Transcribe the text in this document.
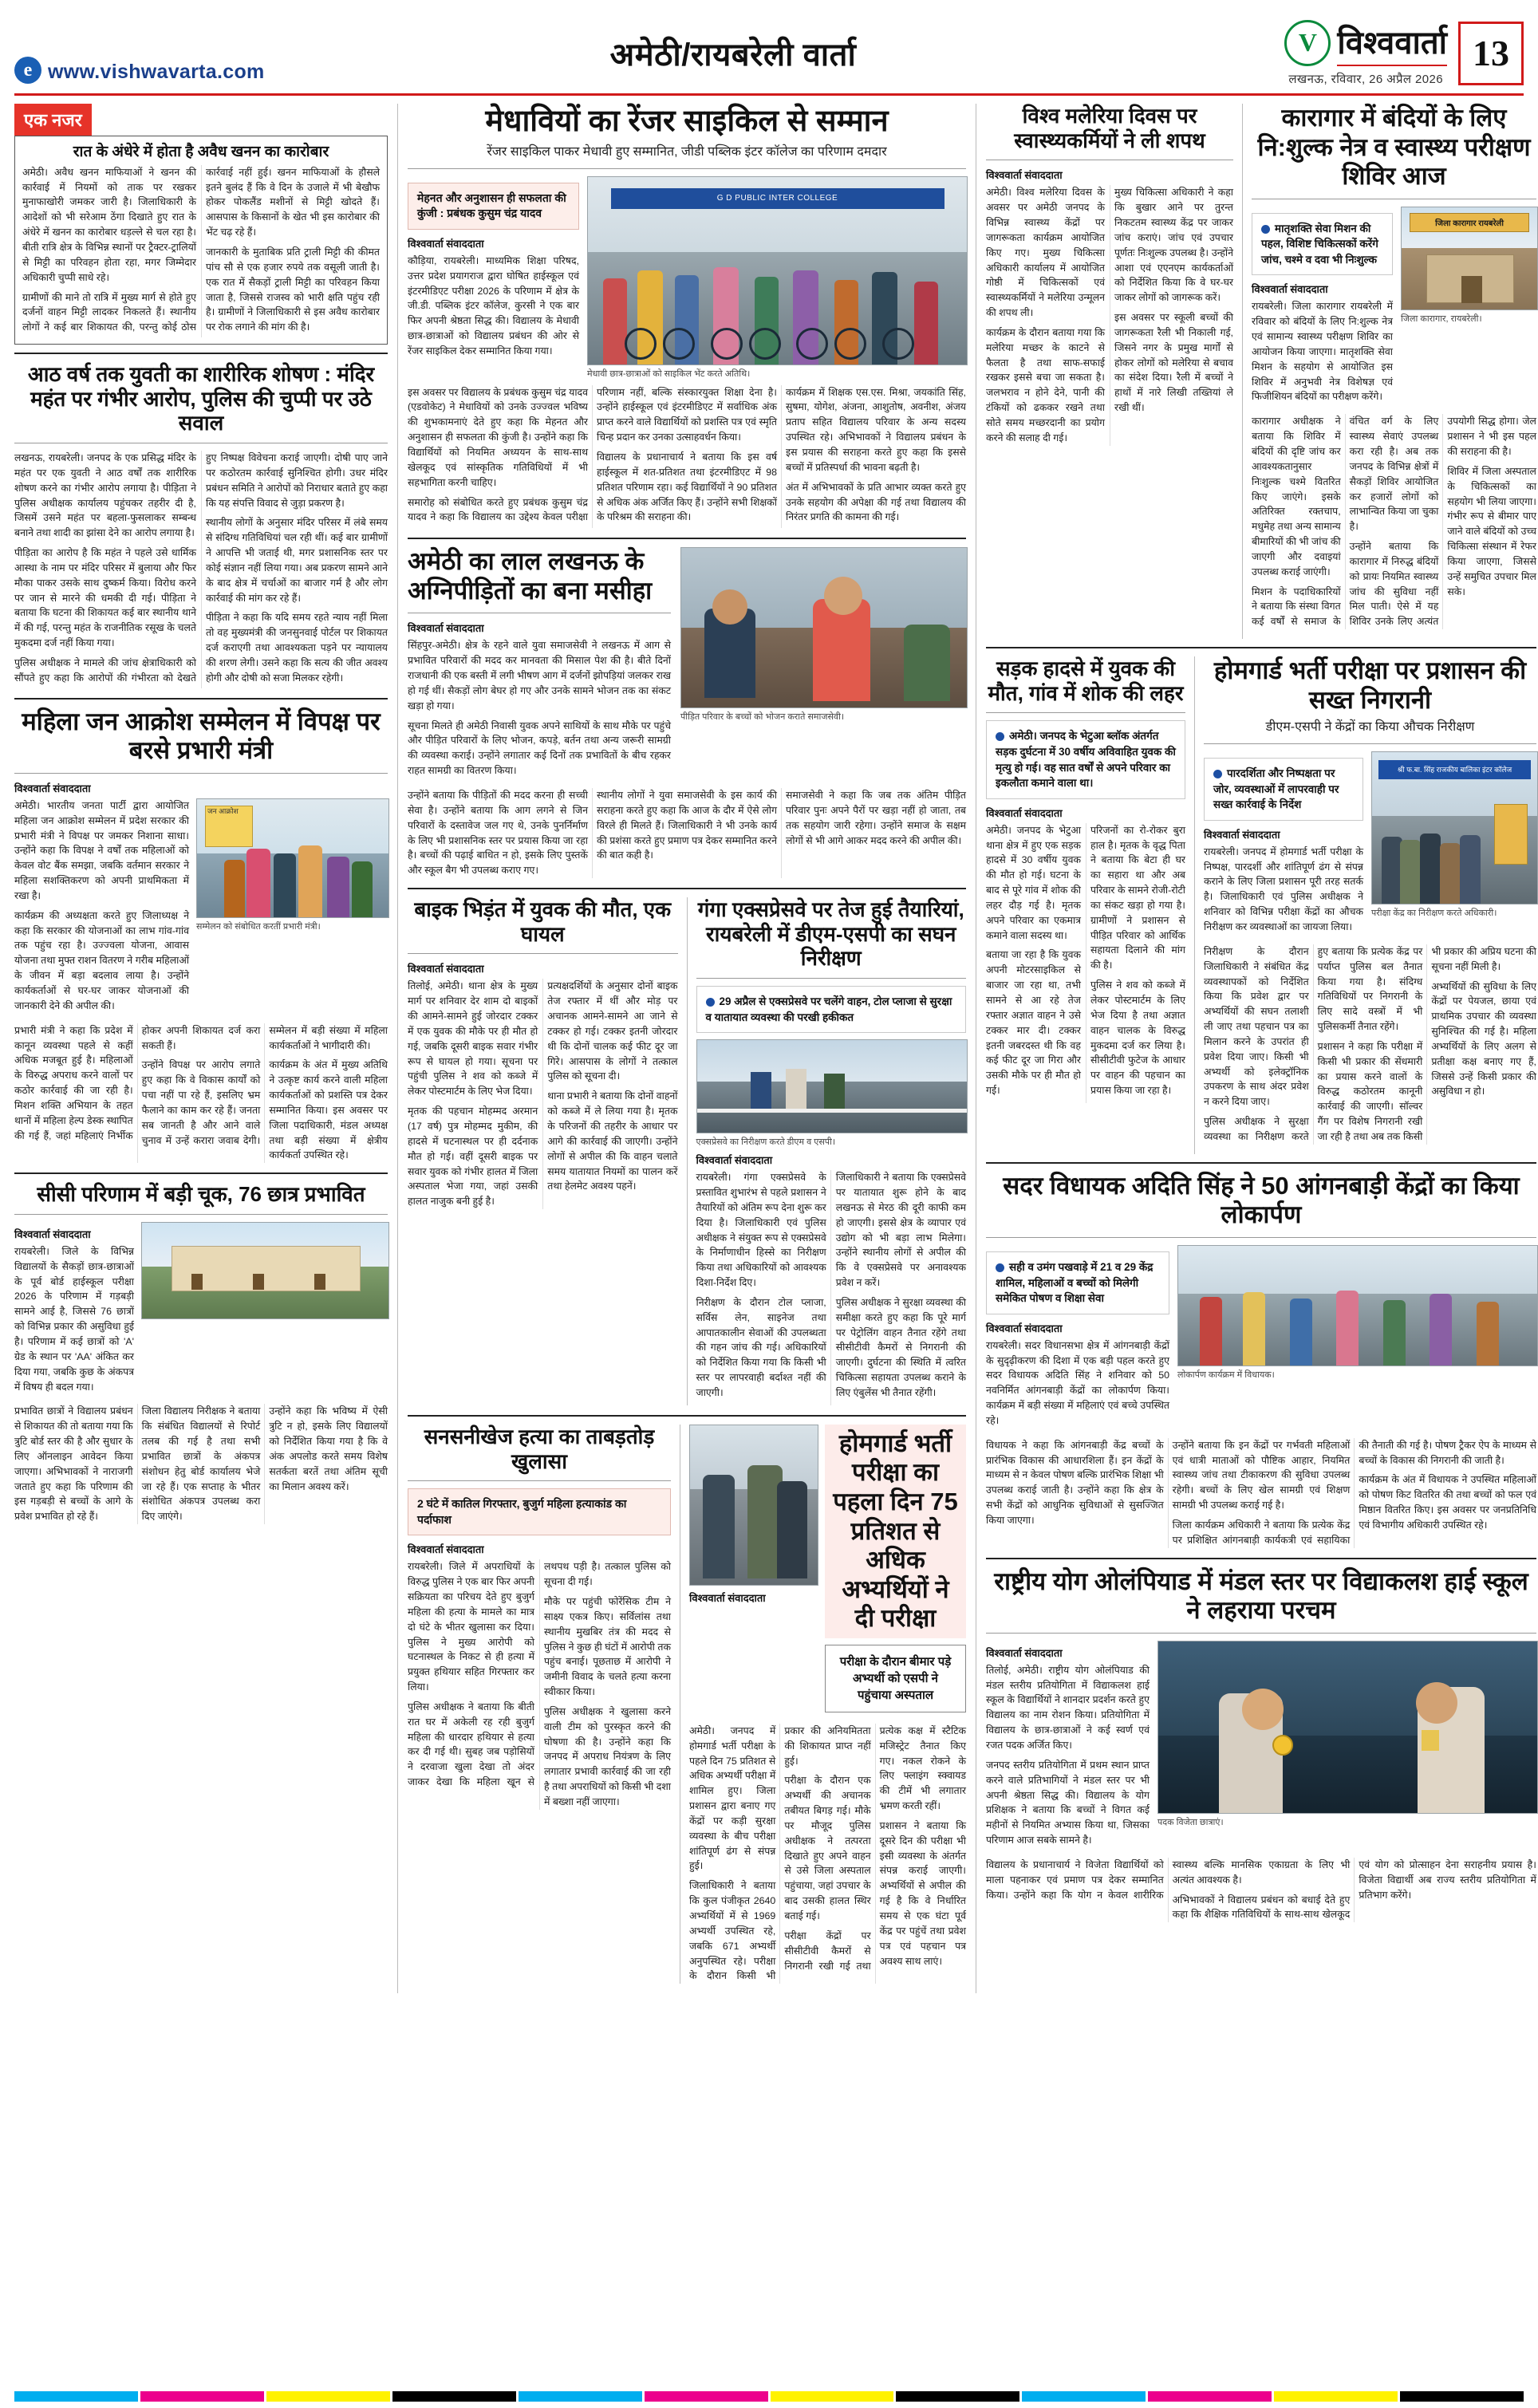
e www.vishwavarta.com	अमेठी/रायबरेली वार्ता	V विश्ववार्ता
लखनऊ, रविवार, 26 अप्रैल 2026
13
एक नजर
रात के अंधेरे में होता है अवैध खनन का कारोबार

अमेठी। अवैध खनन माफियाओं ने खनन की कार्रवाई में नियमों को ताक पर रखकर मुनाफाखोरी जमकर जारी है। जिलाधिकारी के आदेशों को भी सरेआम ठेंगा दिखाते हुए रात के अंधेरे में खनन का कारोबार धड़ल्ले से चल रहा है। बीती रात्रि क्षेत्र के विभिन्न स्थानों पर ट्रैक्टर-ट्रालियों से मिट्टी का परिवहन होता रहा, मगर जिम्मेदार अधिकारी चुप्पी साधे रहे।

ग्रामीणों की माने तो रात्रि में मुख्य मार्ग से होते हुए दर्जनों वाहन मिट्टी लादकर निकलते हैं। स्थानीय लोगों ने कई बार शिकायत की, परन्तु कोई ठोस कार्रवाई नहीं हुई। खनन माफियाओं के हौसले इतने बुलंद हैं कि वे दिन के उजाले में भी बेखौफ होकर पोकलैंड मशीनों से मिट्टी खोदते हैं। आसपास के किसानों के खेत भी इस कारोबार की भेंट चढ़ रहे हैं।

जानकारी के मुताबिक प्रति ट्राली मिट्टी की कीमत पांच सौ से एक हजार रुपये तक वसूली जाती है। एक रात में सैकड़ों ट्राली मिट्टी का परिवहन किया जाता है, जिससे राजस्व को भारी क्षति पहुंच रही है। ग्रामीणों ने जिलाधिकारी से इस अवैध कारोबार पर रोक लगाने की मांग की है।

आठ वर्ष तक युवती का शारीरिक शोषण : मंदिर महंत पर गंभीर आरोप, पुलिस की चुप्पी पर उठे सवाल

लखनऊ, रायबरेली। जनपद के एक प्रसिद्ध मंदिर के महंत पर एक युवती ने आठ वर्षों तक शारीरिक शोषण करने का गंभीर आरोप लगाया है। पीड़िता ने पुलिस अधीक्षक कार्यालय पहुंचकर तहरीर दी है, जिसमें उसने महंत पर बहला-फुसलाकर सम्बन्ध बनाने तथा शादी का झांसा देने का आरोप लगाया है।

पीड़िता का आरोप है कि महंत ने पहले उसे धार्मिक आस्था के नाम पर मंदिर परिसर में बुलाया और फिर मौका पाकर उसके साथ दुष्कर्म किया। विरोध करने पर जान से मारने की धमकी दी गई। पीड़िता ने बताया कि घटना की शिकायत कई बार स्थानीय थाने में की गई, परन्तु महंत के राजनीतिक रसूख के चलते मुकदमा दर्ज नहीं किया गया।

पुलिस अधीक्षक ने मामले की जांच क्षेत्राधिकारी को सौंपते हुए कहा कि आरोपों की गंभीरता को देखते हुए निष्पक्ष विवेचना कराई जाएगी। दोषी पाए जाने पर कठोरतम कार्रवाई सुनिश्चित होगी। उधर मंदिर प्रबंधन समिति ने आरोपों को निराधार बताते हुए कहा कि यह संपत्ति विवाद से जुड़ा प्रकरण है।

स्थानीय लोगों के अनुसार मंदिर परिसर में लंबे समय से संदिग्ध गतिविधियां चल रही थीं। कई बार ग्रामीणों ने आपत्ति भी जताई थी, मगर प्रशासनिक स्तर पर कोई संज्ञान नहीं लिया गया। अब प्रकरण सामने आने के बाद क्षेत्र में चर्चाओं का बाजार गर्म है और लोग कार्रवाई की मांग कर रहे हैं।

पीड़िता ने कहा कि यदि समय रहते न्याय नहीं मिला तो वह मुख्यमंत्री की जनसुनवाई पोर्टल पर शिकायत दर्ज कराएगी तथा आवश्यकता पड़ने पर न्यायालय की शरण लेगी। उसने कहा कि सत्य की जीत अवश्य होगी और दोषी को सजा मिलकर रहेगी।

महिला जन आक्रोश सम्मेलन में विपक्ष पर बरसे प्रभारी मंत्री
विश्ववार्ता संवाददाता

अमेठी। भारतीय जनता पार्टी द्वारा आयोजित महिला जन आक्रोश सम्मेलन में प्रदेश सरकार की प्रभारी मंत्री ने विपक्ष पर जमकर निशाना साधा। उन्होंने कहा कि विपक्ष ने वर्षों तक महिलाओं को केवल वोट बैंक समझा, जबकि वर्तमान सरकार ने महिला सशक्तिकरण को अपनी प्राथमिकता में रखा है।

कार्यक्रम की अध्यक्षता करते हुए जिलाध्यक्ष ने कहा कि सरकार की योजनाओं का लाभ गांव-गांव तक पहुंच रहा है। उज्ज्वला योजना, आवास योजना तथा मुफ्त राशन वितरण ने गरीब महिलाओं के जीवन में बड़ा बदलाव लाया है। उन्होंने कार्यकर्ताओं से घर-घर जाकर योजनाओं की जानकारी देने की अपील की।

जन आक्रोश
सम्मेलन को संबोधित करतीं प्रभारी मंत्री।

प्रभारी मंत्री ने कहा कि प्रदेश में कानून व्यवस्था पहले से कहीं अधिक मजबूत हुई है। महिलाओं के विरुद्ध अपराध करने वालों पर कठोर कार्रवाई की जा रही है। मिशन शक्ति अभियान के तहत थानों में महिला हेल्प डेस्क स्थापित की गई हैं, जहां महिलाएं निर्भीक होकर अपनी शिकायत दर्ज करा सकती हैं।

उन्होंने विपक्ष पर आरोप लगाते हुए कहा कि वे विकास कार्यों को पचा नहीं पा रहे हैं, इसलिए भ्रम फैलाने का काम कर रहे हैं। जनता सब जानती है और आने वाले चुनाव में उन्हें करारा जवाब देगी। सम्मेलन में बड़ी संख्या में महिला कार्यकर्ताओं ने भागीदारी की।

कार्यक्रम के अंत में मुख्य अतिथि ने उत्कृष्ट कार्य करने वाली महिला कार्यकर्ताओं को प्रशस्ति पत्र देकर सम्मानित किया। इस अवसर पर जिला पदाधिकारी, मंडल अध्यक्ष तथा बड़ी संख्या में क्षेत्रीय कार्यकर्ता उपस्थित रहे।

सीसी परिणाम में बड़ी चूक, 76 छात्र प्रभावित
विश्ववार्ता संवाददाता

रायबरेली। जिले के विभिन्न विद्यालयों के सैकड़ों छात्र-छात्राओं के पूर्व बोर्ड हाईस्कूल परीक्षा 2026 के परिणाम में गड़बड़ी सामने आई है, जिससे 76 छात्रों को विभिन्न प्रकार की असुविधा हुई है। परिणाम में कई छात्रों को 'A' ग्रेड के स्थान पर 'AA' अंकित कर दिया गया, जबकि कुछ के अंकपत्र में विषय ही बदल गया।

प्रभावित छात्रों ने विद्यालय प्रबंधन से शिकायत की तो बताया गया कि त्रुटि बोर्ड स्तर की है और सुधार के लिए ऑनलाइन आवेदन किया जाएगा। अभिभावकों ने नाराजगी जताते हुए कहा कि परिणाम की इस गड़बड़ी से बच्चों के आगे के प्रवेश प्रभावित हो रहे हैं।

जिला विद्यालय निरीक्षक ने बताया कि संबंधित विद्यालयों से रिपोर्ट तलब की गई है तथा सभी प्रभावित छात्रों के अंकपत्र संशोधन हेतु बोर्ड कार्यालय भेजे जा रहे हैं। एक सप्ताह के भीतर संशोधित अंकपत्र उपलब्ध करा दिए जाएंगे।

उन्होंने कहा कि भविष्य में ऐसी त्रुटि न हो, इसके लिए विद्यालयों को निर्देशित किया गया है कि वे अंक अपलोड करते समय विशेष सतर्कता बरतें तथा अंतिम सूची का मिलान अवश्य करें।

मेधावियों का रेंजर साइकिल से सम्मान
रेंजर साइकिल पाकर मेधावी हुए सम्मानित, जीडी पब्लिक इंटर कॉलेज का परिणाम दमदार
मेहनत और अनुशासन ही सफलता की कुंजी : प्रबंधक कुसुम चंद्र यादव
विश्ववार्ता संवाददाता

कौड़िया, रायबरेली। माध्यमिक शिक्षा परिषद, उत्तर प्रदेश प्रयागराज द्वारा घोषित हाईस्कूल एवं इंटरमीडिएट परीक्षा 2026 के परिणाम में क्षेत्र के जी.डी. पब्लिक इंटर कॉलेज, कुरसी ने एक बार फिर अपनी श्रेष्ठता सिद्ध की। विद्यालय के मेधावी छात्र-छात्राओं को विद्यालय प्रबंधन की ओर से रेंजर साइकिल देकर सम्मानित किया गया।

G D PUBLIC INTER COLLEGE
मेधावी छात्र-छात्राओं को साइकिल भेंट करते अतिथि।

इस अवसर पर विद्यालय के प्रबंधक कुसुम चंद्र यादव (एडवोकेट) ने मेधावियों को उनके उज्ज्वल भविष्य की शुभकामनाएं देते हुए कहा कि मेहनत और अनुशासन ही सफलता की कुंजी है। उन्होंने कहा कि विद्यार्थियों को नियमित अध्ययन के साथ-साथ खेलकूद एवं सांस्कृतिक गतिविधियों में भी सहभागिता करनी चाहिए।

समारोह को संबोधित करते हुए प्रबंधक कुसुम चंद्र यादव ने कहा कि विद्यालय का उद्देश्य केवल परीक्षा परिणाम नहीं, बल्कि संस्कारयुक्त शिक्षा देना है। उन्होंने हाईस्कूल एवं इंटरमीडिएट में सर्वाधिक अंक प्राप्त करने वाले विद्यार्थियों को प्रशस्ति पत्र एवं स्मृति चिन्ह प्रदान कर उनका उत्साहवर्धन किया।

विद्यालय के प्रधानाचार्य ने बताया कि इस वर्ष हाईस्कूल में शत-प्रतिशत तथा इंटरमीडिएट में 98 प्रतिशत परिणाम रहा। कई विद्यार्थियों ने 90 प्रतिशत से अधिक अंक अर्जित किए हैं। उन्होंने सभी शिक्षकों के परिश्रम की सराहना की।

कार्यक्रम में शिक्षक एस.एस. मिश्रा, जयकांति सिंह, सुषमा, योगेश, अंजना, आशुतोष, अवनीश, अंजय प्रताप सहित विद्यालय परिवार के अन्य सदस्य उपस्थित रहे। अभिभावकों ने विद्यालय प्रबंधन के इस प्रयास की सराहना करते हुए कहा कि इससे बच्चों में प्रतिस्पर्धा की भावना बढ़ती है।

अंत में अभिभावकों के प्रति आभार व्यक्त करते हुए उनके सहयोग की अपेक्षा की गई तथा विद्यालय की निरंतर प्रगति की कामना की गई।

अमेठी का लाल लखनऊ के अग्निपीड़ितों का बना मसीहा
विश्ववार्ता संवाददाता

सिंहपुर-अमेठी। क्षेत्र के रहने वाले युवा समाजसेवी ने लखनऊ में आग से प्रभावित परिवारों की मदद कर मानवता की मिसाल पेश की है। बीते दिनों राजधानी की एक बस्ती में लगी भीषण आग में दर्जनों झोपड़ियां जलकर राख हो गई थीं। सैकड़ों लोग बेघर हो गए और उनके सामने भोजन तक का संकट खड़ा हो गया।

सूचना मिलते ही अमेठी निवासी युवक अपने साथियों के साथ मौके पर पहुंचे और पीड़ित परिवारों के लिए भोजन, कपड़े, बर्तन तथा अन्य जरूरी सामग्री की व्यवस्था कराई। उन्होंने लगातार कई दिनों तक प्रभावितों के बीच रहकर राहत सामग्री का वितरण किया।

पीड़ित परिवार के बच्चों को भोजन कराते समाजसेवी।

उन्होंने बताया कि पीड़ितों की मदद करना ही सच्ची सेवा है। उन्होंने बताया कि आग लगने से जिन परिवारों के दस्तावेज जल गए थे, उनके पुनर्निर्माण के लिए भी प्रशासनिक स्तर पर प्रयास किया जा रहा है। बच्चों की पढ़ाई बाधित न हो, इसके लिए पुस्तकें और स्कूल बैग भी उपलब्ध कराए गए।

स्थानीय लोगों ने युवा समाजसेवी के इस कार्य की सराहना करते हुए कहा कि आज के दौर में ऐसे लोग विरले ही मिलते हैं। जिलाधिकारी ने भी उनके कार्य की प्रशंसा करते हुए प्रमाण पत्र देकर सम्मानित करने की बात कही है।

समाजसेवी ने कहा कि जब तक अंतिम पीड़ित परिवार पुनः अपने पैरों पर खड़ा नहीं हो जाता, तब तक सहयोग जारी रहेगा। उन्होंने समाज के सक्षम लोगों से भी आगे आकर मदद करने की अपील की।

बाइक भिड़ंत में युवक की मौत, एक घायल
विश्ववार्ता संवाददाता

तिलोई, अमेठी। थाना क्षेत्र के मुख्य मार्ग पर शनिवार देर शाम दो बाइकों की आमने-सामने हुई जोरदार टक्कर में एक युवक की मौके पर ही मौत हो गई, जबकि दूसरी बाइक सवार गंभीर रूप से घायल हो गया। सूचना पर पहुंची पुलिस ने शव को कब्जे में लेकर पोस्टमार्टम के लिए भेज दिया।

मृतक की पहचान मोहम्मद अरमान (17 वर्ष) पुत्र मोहम्मद मुकीम, की हादसे में घटनास्थल पर ही दर्दनाक मौत हो गई। वहीं दूसरी बाइक पर सवार युवक को गंभीर हालत में जिला अस्पताल भेजा गया, जहां उसकी हालत नाजुक बनी हुई है।

प्रत्यक्षदर्शियों के अनुसार दोनों बाइक तेज रफ्तार में थीं और मोड़ पर अचानक आमने-सामने आ जाने से टक्कर हो गई। टक्कर इतनी जोरदार थी कि दोनों चालक कई फीट दूर जा गिरे। आसपास के लोगों ने तत्काल पुलिस को सूचना दी।

थाना प्रभारी ने बताया कि दोनों वाहनों को कब्जे में ले लिया गया है। मृतक के परिजनों की तहरीर के आधार पर आगे की कार्रवाई की जाएगी। उन्होंने लोगों से अपील की कि वाहन चलाते समय यातायात नियमों का पालन करें तथा हेलमेट अवश्य पहनें।

गंगा एक्सप्रेसवे पर तेज हुई तैयारियां, रायबरेली में डीएम-एसपी का सघन निरीक्षण
29 अप्रैल से एक्सप्रेसवे पर चलेंगे वाहन, टोल प्लाजा से सुरक्षा व यातायात व्यवस्था की परखी हकीकत
एक्सप्रेसवे का निरीक्षण करते डीएम व एसपी।
विश्ववार्ता संवाददाता

रायबरेली। गंगा एक्सप्रेसवे के प्रस्तावित शुभारंभ से पहले प्रशासन ने तैयारियों को अंतिम रूप देना शुरू कर दिया है। जिलाधिकारी एवं पुलिस अधीक्षक ने संयुक्त रूप से एक्सप्रेसवे के निर्माणाधीन हिस्से का निरीक्षण किया तथा अधिकारियों को आवश्यक दिशा-निर्देश दिए।

निरीक्षण के दौरान टोल प्लाजा, सर्विस लेन, साइनेज तथा आपातकालीन सेवाओं की उपलब्धता की गहन जांच की गई। अधिकारियों को निर्देशित किया गया कि किसी भी स्तर पर लापरवाही बर्दाश्त नहीं की जाएगी।

जिलाधिकारी ने बताया कि एक्सप्रेसवे पर यातायात शुरू होने के बाद लखनऊ से मेरठ की दूरी काफी कम हो जाएगी। इससे क्षेत्र के व्यापार एवं उद्योग को भी बड़ा लाभ मिलेगा। उन्होंने स्थानीय लोगों से अपील की कि वे एक्सप्रेसवे पर अनावश्यक प्रवेश न करें।

पुलिस अधीक्षक ने सुरक्षा व्यवस्था की समीक्षा करते हुए कहा कि पूरे मार्ग पर पेट्रोलिंग वाहन तैनात रहेंगे तथा सीसीटीवी कैमरों से निगरानी की जाएगी। दुर्घटना की स्थिति में त्वरित चिकित्सा सहायता उपलब्ध कराने के लिए एंबुलेंस भी तैनात रहेंगी।

सनसनीखेज हत्या का ताबड़तोड़ खुलासा
2 घंटे में कातिल गिरफ्तार, बुजुर्ग महिला हत्याकांड का पर्दाफाश
विश्ववार्ता संवाददाता

रायबरेली। जिले में अपराधियों के विरुद्ध पुलिस ने एक बार फिर अपनी सक्रियता का परिचय देते हुए बुजुर्ग महिला की हत्या के मामले का मात्र दो घंटे के भीतर खुलासा कर दिया। पुलिस ने मुख्य आरोपी को घटनास्थल के निकट से ही हत्या में प्रयुक्त हथियार सहित गिरफ्तार कर लिया।

पुलिस अधीक्षक ने बताया कि बीती रात घर में अकेली रह रही बुजुर्ग महिला की धारदार हथियार से हत्या कर दी गई थी। सुबह जब पड़ोसियों ने दरवाजा खुला देखा तो अंदर जाकर देखा कि महिला खून से लथपथ पड़ी है। तत्काल पुलिस को सूचना दी गई।

मौके पर पहुंची फोरेंसिक टीम ने साक्ष्य एकत्र किए। सर्विलांस तथा स्थानीय मुखबिर तंत्र की मदद से पुलिस ने कुछ ही घंटों में आरोपी तक पहुंच बनाई। पूछताछ में आरोपी ने जमीनी विवाद के चलते हत्या करना स्वीकार किया।

पुलिस अधीक्षक ने खुलासा करने वाली टीम को पुरस्कृत करने की घोषणा की है। उन्होंने कहा कि जनपद में अपराध नियंत्रण के लिए लगातार प्रभावी कार्रवाई की जा रही है तथा अपराधियों को किसी भी दशा में बख्शा नहीं जाएगा।

विश्ववार्ता संवाददाता
होमगार्ड भर्ती परीक्षा का पहला दिन 75 प्रतिशत से अधिक अभ्यर्थियों ने दी परीक्षा
परीक्षा के दौरान बीमार पड़े अभ्यर्थी को एसपी ने पहुंचाया अस्पताल

अमेठी। जनपद में होमगार्ड भर्ती परीक्षा के पहले दिन 75 प्रतिशत से अधिक अभ्यर्थी परीक्षा में शामिल हुए। जिला प्रशासन द्वारा बनाए गए केंद्रों पर कड़ी सुरक्षा व्यवस्था के बीच परीक्षा शांतिपूर्ण ढंग से संपन्न हुई।

जिलाधिकारी ने बताया कि कुल पंजीकृत 2640 अभ्यर्थियों में से 1969 अभ्यर्थी उपस्थित रहे, जबकि 671 अभ्यर्थी अनुपस्थित रहे। परीक्षा के दौरान किसी भी प्रकार की अनियमितता की शिकायत प्राप्त नहीं हुई।

परीक्षा के दौरान एक अभ्यर्थी की अचानक तबीयत बिगड़ गई। मौके पर मौजूद पुलिस अधीक्षक ने तत्परता दिखाते हुए अपने वाहन से उसे जिला अस्पताल पहुंचाया, जहां उपचार के बाद उसकी हालत स्थिर बताई गई।

परीक्षा केंद्रों पर सीसीटीवी कैमरों से निगरानी रखी गई तथा प्रत्येक कक्ष में स्टैटिक मजिस्ट्रेट तैनात किए गए। नकल रोकने के लिए फ्लाइंग स्क्वायड की टीमें भी लगातार भ्रमण करती रहीं।

प्रशासन ने बताया कि दूसरे दिन की परीक्षा भी इसी व्यवस्था के अंतर्गत संपन्न कराई जाएगी। अभ्यर्थियों से अपील की गई है कि वे निर्धारित समय से एक घंटा पूर्व केंद्र पर पहुंचें तथा प्रवेश पत्र एवं पहचान पत्र अवश्य साथ लाएं।

विश्व मलेरिया दिवस पर स्वास्थ्यकर्मियों ने ली शपथ
विश्ववार्ता संवाददाता

अमेठी। विश्व मलेरिया दिवस के अवसर पर अमेठी जनपद के विभिन्न स्वास्थ्य केंद्रों पर जागरूकता कार्यक्रम आयोजित किए गए। मुख्य चिकित्सा अधिकारी कार्यालय में आयोजित गोष्ठी में चिकित्सकों एवं स्वास्थ्यकर्मियों ने मलेरिया उन्मूलन की शपथ ली।

कार्यक्रम के दौरान बताया गया कि मलेरिया मच्छर के काटने से फैलता है तथा साफ-सफाई रखकर इससे बचा जा सकता है। जलभराव न होने देने, पानी की टंकियों को ढककर रखने तथा सोते समय मच्छरदानी का प्रयोग करने की सलाह दी गई।

मुख्य चिकित्सा अधिकारी ने कहा कि बुखार आने पर तुरन्त निकटतम स्वास्थ्य केंद्र पर जाकर जांच कराएं। जांच एवं उपचार पूर्णतः निःशुल्क उपलब्ध है। उन्होंने आशा एवं एएनएम कार्यकर्ताओं को निर्देशित किया कि वे घर-घर जाकर लोगों को जागरूक करें।

इस अवसर पर स्कूली बच्चों की जागरूकता रैली भी निकाली गई, जिसने नगर के प्रमुख मार्गों से होकर लोगों को मलेरिया से बचाव का संदेश दिया। रैली में बच्चों ने हाथों में नारे लिखी तख्तियां ले रखी थीं।

कारागार में बंदियों के लिए नि:शुल्क नेत्र व स्वास्थ्य परीक्षण शिविर आज
मातृशक्ति सेवा मिशन की पहल, विशिष्ट चिकित्सकों करेंगे जांच, चश्मे व दवा भी निःशुल्क
विश्ववार्ता संवाददाता

रायबरेली। जिला कारागार रायबरेली में रविवार को बंदियों के लिए नि:शुल्क नेत्र एवं सामान्य स्वास्थ्य परीक्षण शिविर का आयोजन किया जाएगा। मातृशक्ति सेवा मिशन के सहयोग से आयोजित इस शिविर में अनुभवी नेत्र विशेषज्ञ एवं फिजीशियन बंदियों का परीक्षण करेंगे।

जिला कारागार रायबरेली
जिला कारागार, रायबरेली।

कारागार अधीक्षक ने बताया कि शिविर में बंदियों की दृष्टि जांच कर आवश्यकतानुसार निःशुल्क चश्मे वितरित किए जाएंगे। इसके अतिरिक्त रक्तचाप, मधुमेह तथा अन्य सामान्य बीमारियों की भी जांच की जाएगी और दवाइयां उपलब्ध कराई जाएंगी।

मिशन के पदाधिकारियों ने बताया कि संस्था विगत कई वर्षों से समाज के वंचित वर्ग के लिए स्वास्थ्य सेवाएं उपलब्ध करा रही है। अब तक जनपद के विभिन्न क्षेत्रों में सैकड़ों शिविर आयोजित कर हजारों लोगों को लाभान्वित किया जा चुका है।

उन्होंने बताया कि कारागार में निरुद्ध बंदियों को प्रायः नियमित स्वास्थ्य जांच की सुविधा नहीं मिल पाती। ऐसे में यह शिविर उनके लिए अत्यंत उपयोगी सिद्ध होगा। जेल प्रशासन ने भी इस पहल की सराहना की है।

शिविर में जिला अस्पताल के चिकित्सकों का सहयोग भी लिया जाएगा। गंभीर रूप से बीमार पाए जाने वाले बंदियों को उच्च चिकित्सा संस्थान में रेफर किया जाएगा, जिससे उन्हें समुचित उपचार मिल सके।

सड़क हादसे में युवक की मौत, गांव में शोक की लहर
अमेठी। जनपद के भेटुआ ब्लॉक अंतर्गत सड़क दुर्घटना में 30 वर्षीय अविवाहित युवक की मृत्यु हो गई। वह सात वर्षों से अपने परिवार का इकलौता कमाने वाला था।
विश्ववार्ता संवाददाता

अमेठी। जनपद के भेटुआ थाना क्षेत्र में हुए एक सड़क हादसे में 30 वर्षीय युवक की मौत हो गई। घटना के बाद से पूरे गांव में शोक की लहर दौड़ गई है। मृतक अपने परिवार का एकमात्र कमाने वाला सदस्य था।

बताया जा रहा है कि युवक अपनी मोटरसाइकिल से बाजार जा रहा था, तभी सामने से आ रहे तेज रफ्तार अज्ञात वाहन ने उसे टक्कर मार दी। टक्कर इतनी जबरदस्त थी कि वह कई फीट दूर जा गिरा और उसकी मौके पर ही मौत हो गई।

परिजनों का रो-रोकर बुरा हाल है। मृतक के वृद्ध पिता ने बताया कि बेटा ही घर का सहारा था और अब परिवार के सामने रोजी-रोटी का संकट खड़ा हो गया है। ग्रामीणों ने प्रशासन से पीड़ित परिवार को आर्थिक सहायता दिलाने की मांग की है।

पुलिस ने शव को कब्जे में लेकर पोस्टमार्टम के लिए भेज दिया है तथा अज्ञात वाहन चालक के विरुद्ध मुकदमा दर्ज कर लिया है। सीसीटीवी फुटेज के आधार पर वाहन की पहचान का प्रयास किया जा रहा है।

होमगार्ड भर्ती परीक्षा पर प्रशासन की सख्त निगरानी
डीएम-एसपी ने केंद्रों का किया औचक निरीक्षण
पारदर्शिता और निष्पक्षता पर जोर, व्यवस्थाओं में लापरवाही पर सख्त कार्रवाई के निर्देश
विश्ववार्ता संवाददाता

रायबरेली। जनपद में होमगार्ड भर्ती परीक्षा के निष्पक्ष, पारदर्शी और शांतिपूर्ण ढंग से संपन्न कराने के लिए जिला प्रशासन पूरी तरह सतर्क है। जिलाधिकारी एवं पुलिस अधीक्षक ने शनिवार को विभिन्न परीक्षा केंद्रों का औचक निरीक्षण कर व्यवस्थाओं का जायजा लिया।

श्री फ.बा. सिंह राजकीय बालिका इंटर कॉलेज
परीक्षा केंद्र का निरीक्षण करते अधिकारी।

निरीक्षण के दौरान जिलाधिकारी ने संबंधित केंद्र व्यवस्थापकों को निर्देशित किया कि प्रवेश द्वार पर अभ्यर्थियों की सघन तलाशी ली जाए तथा पहचान पत्र का मिलान करने के उपरांत ही प्रवेश दिया जाए। किसी भी अभ्यर्थी को इलेक्ट्रॉनिक उपकरण के साथ अंदर प्रवेश न करने दिया जाए।

पुलिस अधीक्षक ने सुरक्षा व्यवस्था का निरीक्षण करते हुए बताया कि प्रत्येक केंद्र पर पर्याप्त पुलिस बल तैनात किया गया है। संदिग्ध गतिविधियों पर निगरानी के लिए सादे वस्त्रों में भी पुलिसकर्मी तैनात रहेंगे।

प्रशासन ने कहा कि परीक्षा में किसी भी प्रकार की सेंधमारी का प्रयास करने वालों के विरुद्ध कठोरतम कानूनी कार्रवाई की जाएगी। सॉल्वर गैंग पर विशेष निगरानी रखी जा रही है तथा अब तक किसी भी प्रकार की अप्रिय घटना की सूचना नहीं मिली है।

अभ्यर्थियों की सुविधा के लिए केंद्रों पर पेयजल, छाया एवं प्राथमिक उपचार की व्यवस्था सुनिश्चित की गई है। महिला अभ्यर्थियों के लिए अलग से प्रतीक्षा कक्ष बनाए गए हैं, जिससे उन्हें किसी प्रकार की असुविधा न हो।

सदर विधायक अदिति सिंह ने 50 आंगनबाड़ी केंद्रों का किया लोकार्पण
सही व उमंग पखवाड़े में 21 व 29 केंद्र शामिल, महिलाओं व बच्चों को मिलेगी समेकित पोषण व शिक्षा सेवा
विश्ववार्ता संवाददाता

रायबरेली। सदर विधानसभा क्षेत्र में आंगनबाड़ी केंद्रों के सुदृढ़ीकरण की दिशा में एक बड़ी पहल करते हुए सदर विधायक अदिति सिंह ने शनिवार को 50 नवनिर्मित आंगनबाड़ी केंद्रों का लोकार्पण किया। कार्यक्रम में बड़ी संख्या में महिलाएं एवं बच्चे उपस्थित रहे।

लोकार्पण कार्यक्रम में विधायक।

विधायक ने कहा कि आंगनबाड़ी केंद्र बच्चों के प्रारंभिक विकास की आधारशिला हैं। इन केंद्रों के माध्यम से न केवल पोषण बल्कि प्रारंभिक शिक्षा भी उपलब्ध कराई जाती है। उन्होंने कहा कि क्षेत्र के सभी केंद्रों को आधुनिक सुविधाओं से सुसज्जित किया जाएगा।

उन्होंने बताया कि इन केंद्रों पर गर्भवती महिलाओं एवं धात्री माताओं को पौष्टिक आहार, नियमित स्वास्थ्य जांच तथा टीकाकरण की सुविधा उपलब्ध रहेगी। बच्चों के लिए खेल सामग्री एवं शिक्षण सामग्री भी उपलब्ध कराई गई है।

जिला कार्यक्रम अधिकारी ने बताया कि प्रत्येक केंद्र पर प्रशिक्षित आंगनबाड़ी कार्यकत्री एवं सहायिका की तैनाती की गई है। पोषण ट्रैकर ऐप के माध्यम से बच्चों के विकास की निगरानी की जाती है।

कार्यक्रम के अंत में विधायक ने उपस्थित महिलाओं को पोषण किट वितरित की तथा बच्चों को फल एवं मिष्ठान वितरित किए। इस अवसर पर जनप्रतिनिधि एवं विभागीय अधिकारी उपस्थित रहे।

राष्ट्रीय योग ओलंपियाड में मंडल स्तर पर विद्याकलश हाई स्कूल ने लहराया परचम
विश्ववार्ता संवाददाता

तिलोई, अमेठी। राष्ट्रीय योग ओलंपियाड की मंडल स्तरीय प्रतियोगिता में विद्याकलश हाई स्कूल के विद्यार्थियों ने शानदार प्रदर्शन करते हुए विद्यालय का नाम रोशन किया। प्रतियोगिता में विद्यालय के छात्र-छात्राओं ने कई स्वर्ण एवं रजत पदक अर्जित किए।

जनपद स्तरीय प्रतियोगिता में प्रथम स्थान प्राप्त करने वाले प्रतिभागियों ने मंडल स्तर पर भी अपनी श्रेष्ठता सिद्ध की। विद्यालय के योग प्रशिक्षक ने बताया कि बच्चों ने विगत कई महीनों से नियमित अभ्यास किया था, जिसका परिणाम आज सबके सामने है।

पदक विजेता छात्राएं।

विद्यालय के प्रधानाचार्य ने विजेता विद्यार्थियों को माला पहनाकर एवं प्रमाण पत्र देकर सम्मानित किया। उन्होंने कहा कि योग न केवल शारीरिक स्वास्थ्य बल्कि मानसिक एकाग्रता के लिए भी अत्यंत आवश्यक है।

अभिभावकों ने विद्यालय प्रबंधन को बधाई देते हुए कहा कि शैक्षिक गतिविधियों के साथ-साथ खेलकूद एवं योग को प्रोत्साहन देना सराहनीय प्रयास है। विजेता विद्यार्थी अब राज्य स्तरीय प्रतियोगिता में प्रतिभाग करेंगे।
